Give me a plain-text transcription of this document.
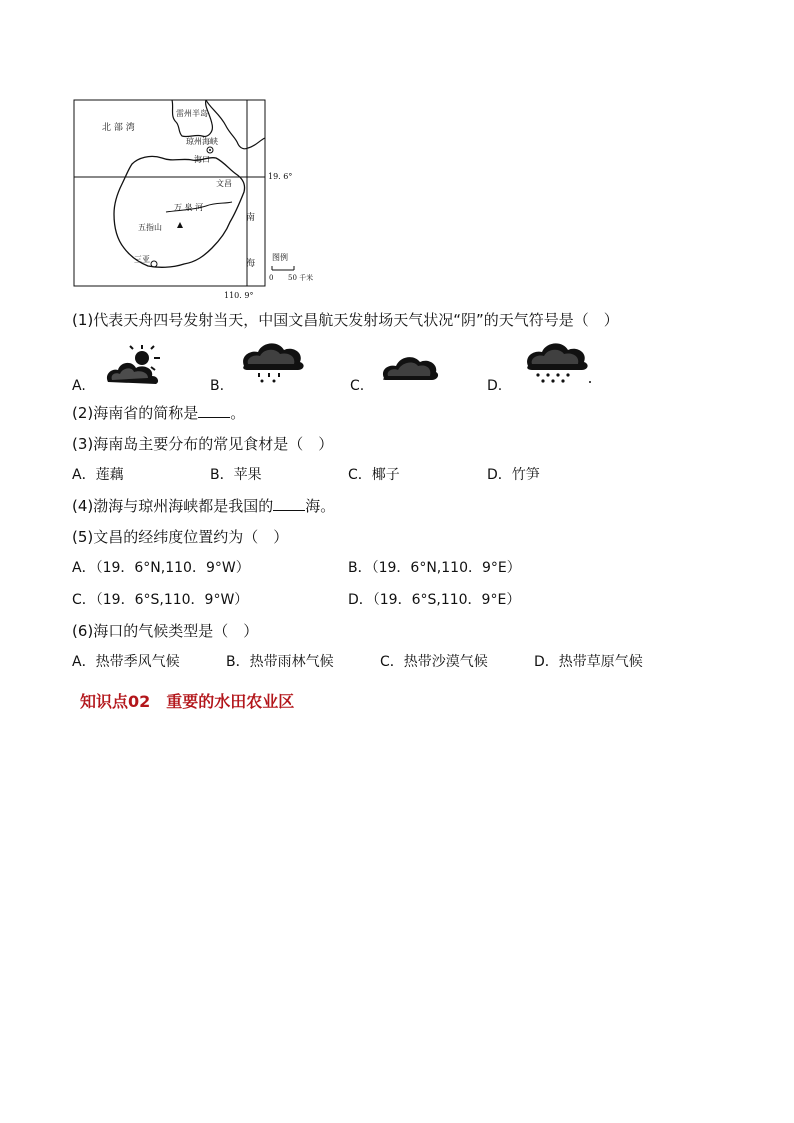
北 部 湾
雷州半岛
琼州海峡
海口
文昌
19. 6°
万 泉 河
五指山
南
海
三亚	图例
0 50 千米
110. 9°
(1)代表天舟四号发射当天，中国文昌航天发射场天气状况“阴”的天气符号是（　）
A.	B.	C.	D.
(2)海南省的简称是 。
(3)海南岛主要分布的常见食材是（　）
A．莲藕	B．苹果	C．椰子	D．竹笋
(4)渤海与琼州海峡都是我国的 海。
(5)文昌的经纬度位置约为（　）
A．（19．6°N,110．9°W）	B．（19．6°N,110．9°E）
C．（19．6°S,110．9°W）	D．（19．6°S,110．9°E）
(6)海口的气候类型是（　）
A．热带季风气候	B．热带雨林气候	C．热带沙漠气候	D．热带草原气候
知识点02　重要的水田农业区
